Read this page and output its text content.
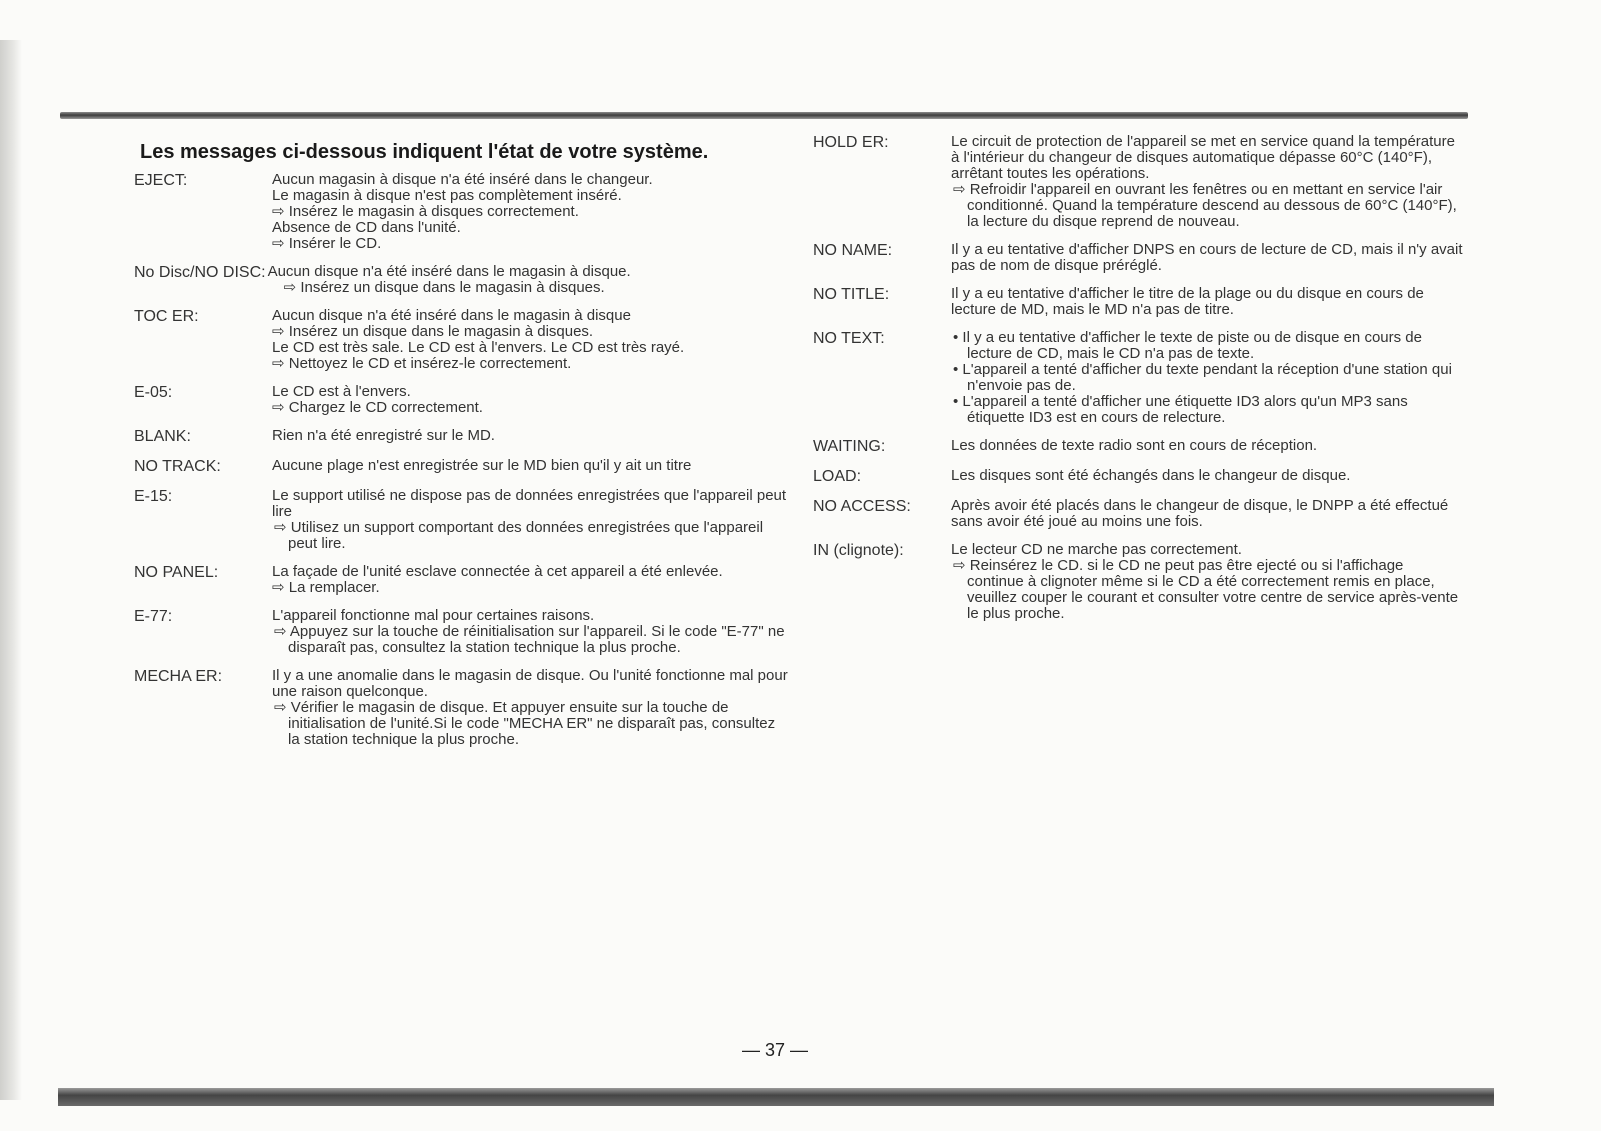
Les messages ci-dessous indiquent l'état de votre système.
EJECT:	Aucun magasin à disque n'a été inséré dans le changeur.
Le magasin à disque n'est pas complètement inséré.
⇨ Insérez le magasin à disques correctement.
Absence de CD dans l'unité.
⇨ Insérer le CD.
No Disc/NO DISC: Aucun disque n'a été inséré dans le magasin à disque.
⇨ Insérez un disque dans le magasin à disques.
TOC ER:	Aucun disque n'a été inséré dans le magasin à disque
⇨ Insérez un disque dans le magasin à disques.
Le CD est très sale. Le CD est à l'envers. Le CD est très rayé.
⇨ Nettoyez le CD et insérez-le correctement.
E-05:	Le CD est à l'envers.
⇨ Chargez le CD correctement.
BLANK:	Rien n'a été enregistré sur le MD.
NO TRACK:	Aucune plage n'est enregistrée sur le MD bien qu'il y ait un titre
E-15:	Le support utilisé ne dispose pas de données enregistrées que l'appareil peut lire
⇨ Utilisez un support comportant des données enregistrées que l'appareil peut lire.
NO PANEL:	La façade de l'unité esclave connectée à cet appareil a été enlevée.
⇨ La remplacer.
E-77:	L'appareil fonctionne mal pour certaines raisons.
⇨ Appuyez sur la touche de réinitialisation sur l'appareil. Si le code "E-77" ne disparaît pas, consultez la station technique la plus proche.
MECHA ER:	Il y a une anomalie dans le magasin de disque. Ou l'unité fonctionne mal pour une raison quelconque.
⇨ Vérifier le magasin de disque. Et appuyer ensuite sur la touche de initialisation de l'unité.Si le code "MECHA ER" ne disparaît pas, consultez la station technique la plus proche.
HOLD ER:	Le circuit de protection de l'appareil se met en service quand la température à l'intérieur du changeur de disques automatique dépasse 60°C (140°F), arrêtant toutes les opérations.
⇨ Refroidir l'appareil en ouvrant les fenêtres ou en mettant en service l'air conditionné. Quand la température descend au dessous de 60°C (140°F), la lecture du disque reprend de nouveau.
NO NAME:	Il y a eu tentative d'afficher DNPS en cours de lecture de CD, mais il n'y avait pas de nom de disque préréglé.
NO TITLE:	Il y a eu tentative d'afficher le titre de la plage ou du disque en cours de lecture de MD, mais le MD n'a pas de titre.
NO TEXT:	• Il y a eu tentative d'afficher le texte de piste ou de disque en cours de lecture de CD, mais le CD n'a pas de texte.
• L'appareil a tenté d'afficher du texte pendant la réception d'une station qui n'envoie pas de.
• L'appareil a tenté d'afficher une étiquette ID3 alors qu'un MP3 sans étiquette ID3 est en cours de relecture.
WAITING:	Les données de texte radio sont en cours de réception.
LOAD:	Les disques sont été échangés dans le changeur de disque.
NO ACCESS:	Après avoir été placés dans le changeur de disque, le DNPP a été effectué sans avoir été joué au moins une fois.
IN (clignote):	Le lecteur CD ne marche pas correctement.
⇨ Reinsérez le CD. si le CD ne peut pas être ejecté ou si l'affichage continue à clignoter même si le CD a été correctement remis en place, veuillez couper le courant et consulter votre centre de service après-vente le plus proche.
— 37 —
